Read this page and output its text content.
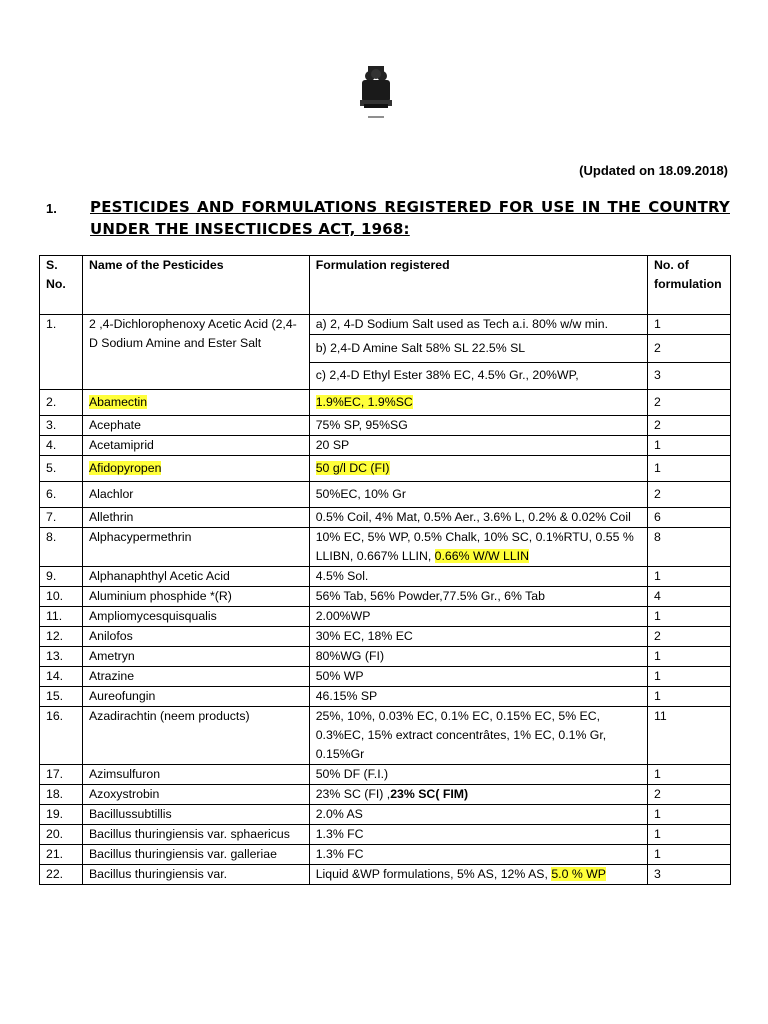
(Updated on 18.09.2018)
1. PESTICIDES AND FORMULATIONS REGISTERED FOR USE IN THE COUNTRY UNDER THE INSECTIICDES ACT, 1968:
S. No.	Name of the Pesticides	Formulation registered	No. of formulation
1.	2 ,4-Dichlorophenoxy Acetic Acid (2,4-D Sodium Amine and Ester Salt	a) 2, 4-D Sodium Salt used as Tech a.i. 80% w/w min.	1
		b) 2,4-D Amine Salt 58% SL 22.5% SL	2
		c) 2,4-D Ethyl Ester 38% EC, 4.5% Gr., 20%WP,	3
2.	Abamectin	1.9%EC, 1.9%SC	2
3.	Acephate	75% SP, 95%SG	2
4.	Acetamiprid	20 SP	1
5.	Afidopyropen	50 g/l DC (FI)	1
6.	Alachlor	50%EC, 10% Gr	2
7.	Allethrin	0.5% Coil, 4% Mat, 0.5% Aer., 3.6% L, 0.2% & 0.02% Coil	6
8.	Alphacypermethrin	10% EC, 5% WP, 0.5% Chalk, 10% SC, 0.1%RTU, 0.55 % LLIBN, 0.667% LLIN, 0.66% W/W LLIN	8
9.	Alphanaphthyl Acetic Acid	4.5% Sol.	1
10.	Aluminium phosphide *(R)	56% Tab, 56% Powder,77.5% Gr., 6% Tab	4
11.	Ampliomycesquisqualis	2.00%WP	1
12.	Anilofos	30% EC, 18% EC	2
13.	Ametryn	80%WG (FI)	1
14.	Atrazine	50% WP	1
15.	Aureofungin	46.15% SP	1
16.	Azadirachtin (neem products)	25%, 10%, 0.03% EC, 0.1% EC, 0.15% EC, 5% EC, 0.3%EC, 15% extract concentrâtes, 1% EC, 0.1% Gr, 0.15%Gr	11
17.	Azimsulfuron	50% DF (F.I.)	1
18.	Azoxystrobin	23% SC (FI) ,23% SC( FIM)	2
19.	Bacillussubtillis	2.0% AS	1
20.	Bacillus thuringiensis var. sphaericus	1.3% FC	1
21.	Bacillus thuringiensis var. galleriae	1.3% FC	1
22.	Bacillus thuringiensis var.	Liquid &WP formulations, 5% AS, 12% AS, 5.0 % WP	3
